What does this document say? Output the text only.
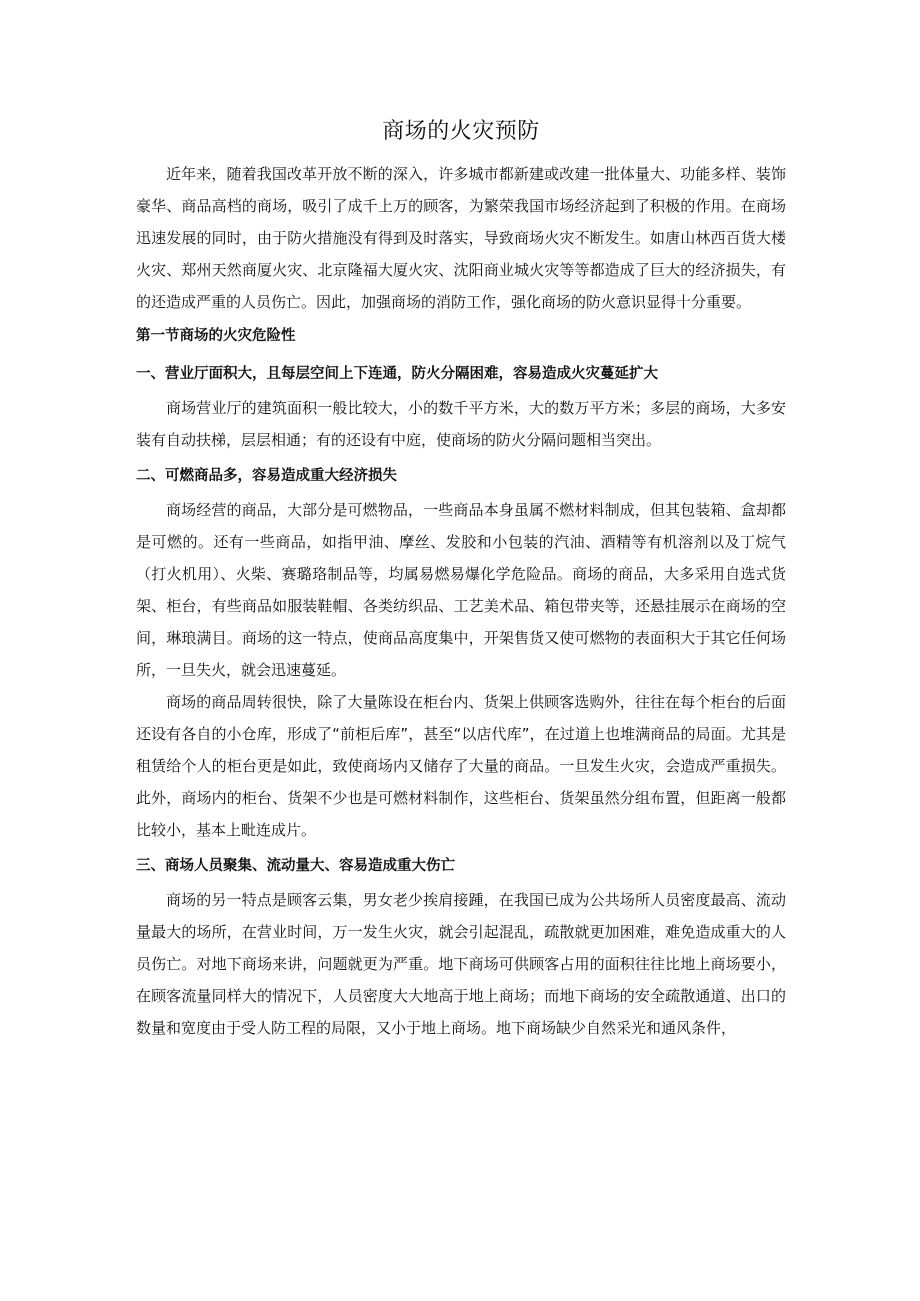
商场的火灾预防

近年来，随着我国改革开放不断的深入，许多城市都新建或改建一批体量大、功能多样、装饰豪华、商品高档的商场，吸引了成千上万的顾客，为繁荣我国市场经济起到了积极的作用。在商场迅速发展的同时，由于防火措施没有得到及时落实，导致商场火灾不断发生。如唐山林西百货大楼火灾、郑州天然商厦火灾、北京隆福大厦火灾、沈阳商业城火灾等等都造成了巨大的经济损失，有的还造成严重的人员伤亡。因此，加强商场的消防工作，强化商场的防火意识显得十分重要。

第一节商场的火灾危险性

一、营业厅面积大，且每层空间上下连通，防火分隔困难，容易造成火灾蔓延扩大

商场营业厅的建筑面积一般比较大，小的数千平方米，大的数万平方米；多层的商场，大多安装有自动扶梯，层层相通；有的还设有中庭，使商场的防火分隔问题相当突出。

二、可燃商品多，容易造成重大经济损失

商场经营的商品，大部分是可燃物品，一些商品本身虽属不燃材料制成，但其包装箱、盒却都是可燃的。还有一些商品，如指甲油、摩丝、发胶和小包装的汽油、酒精等有机溶剂以及丁烷气（打火机用）、火柴、赛璐珞制品等，均属易燃易爆化学危险品。商场的商品，大多采用自选式货架、柜台，有些商品如服装鞋帽、各类纺织品、工艺美术品、箱包带夹等，还悬挂展示在商场的空间，琳琅满目。商场的这一特点，使商品高度集中，开架售货又使可燃物的表面积大于其它任何场所，一旦失火，就会迅速蔓延。

商场的商品周转很快，除了大量陈设在柜台内、货架上供顾客选购外，往往在每个柜台的后面还设有各自的小仓库，形成了“前柜后库”，甚至“以店代库”，在过道上也堆满商品的局面。尤其是租赁给个人的柜台更是如此，致使商场内又储存了大量的商品。一旦发生火灾，会造成严重损失。此外，商场内的柜台、货架不少也是可燃材料制作，这些柜台、货架虽然分组布置，但距离一般都比较小，基本上毗连成片。

三、商场人员聚集、流动量大、容易造成重大伤亡

商场的另一特点是顾客云集，男女老少挨肩接踵，在我国已成为公共场所人员密度最高、流动量最大的场所，在营业时间，万一发生火灾，就会引起混乱，疏散就更加困难，难免造成重大的人员伤亡。对地下商场来讲，问题就更为严重。地下商场可供顾客占用的面积往往比地上商场要小，在顾客流量同样大的情况下，人员密度大大地高于地上商场；而地下商场的安全疏散通道、出口的数量和宽度由于受人防工程的局限，又小于地上商场。地下商场缺少自然采光和通风条件，
